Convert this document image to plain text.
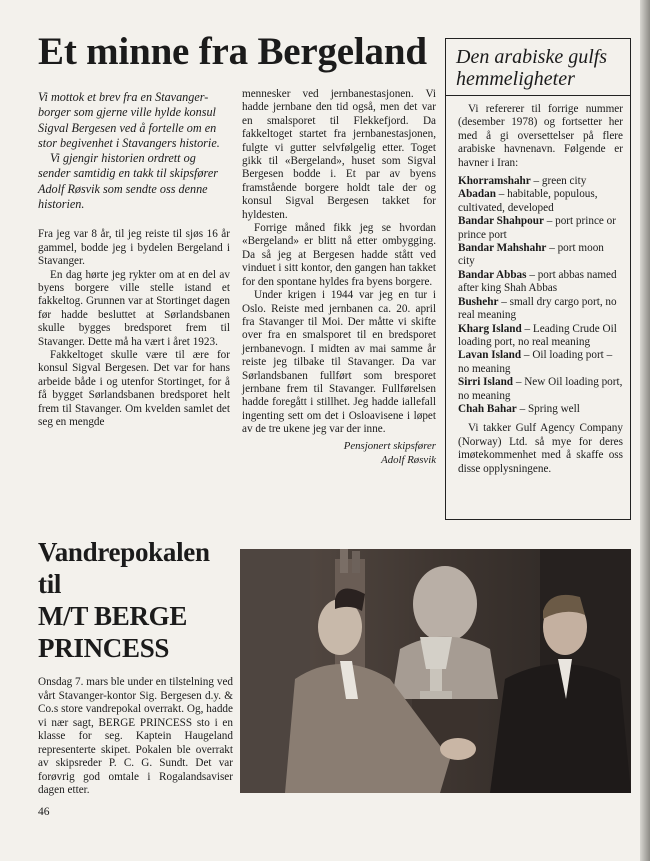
Et minne fra Bergeland
Vi mottok et brev fra en Stavanger-borger som gjerne ville hylde konsul Sigval Bergesen ved å fortelle om en stor begivenhet i Stavangers historie.
Vi gjengir historien ordrett og sender samtidig en takk til skipsfører Adolf Røsvik som sendte oss denne historien.

Fra jeg var 8 år, til jeg reiste til sjøs 16 år gammel, bodde jeg i bydelen Bergeland i Stavanger.

En dag hørte jeg rykter om at en del av byens borgere ville stelle istand et fakkeltog. Grunnen var at Stortinget dagen før hadde besluttet at Sørlandsbanen skulle bygges bredsporet frem til Stavanger. Dette må ha vært i året 1923.

Fakkeltoget skulle være til ære for konsul Sigval Bergesen. Det var for hans arbeide både i og utenfor Stortinget, for å få bygget Sørlandsbanen bredsporet helt frem til Stavanger. Om kvelden samlet det seg en mengde

mennesker ved jernbanestasjonen. Vi hadde jernbane den tid også, men det var en smalsporet til Flekkefjord. Da fakkeltoget startet fra jernbanestasjonen, fulgte vi gutter selvfølgelig etter. Toget gikk til «Bergeland», huset som Sigval Bergesen bodde i. Et par av byens framstående borgere holdt tale der og konsul Sigval Bergesen takket for hyldesten.

Forrige måned fikk jeg se hvordan «Bergeland» er blitt nå etter ombygging. Da så jeg at Bergesen hadde stått ved vinduet i sitt kontor, den gangen han takket for den spontane hyldes fra byens borgere.

Under krigen i 1944 var jeg en tur i Oslo. Reiste med jernbanen ca. 20. april fra Stavanger til Moi. Der måtte vi skifte over fra en smalsporet til en bredsporet jernbanevogn. I midten av mai samme år reiste jeg tilbake til Stavanger. Da var Sørlandsbanen fullført som bresporet jernbane frem til Stavanger. Fullførelsen hadde foregått i stillhet. Jeg hadde iallefall ingenting sett om det i Osloavisene i løpet av de tre ukene jeg var der inne.

Pensjonert skipsfører
Adolf Røsvik
Den arabiske gulfs hemmeligheter

Vi refererer til forrige nummer (desember 1978) og fortsetter her med å gi oversettelser på flere arabiske havnenavn. Følgende er havner i Iran:

Khorramshahr – green city

Abadan – habitable, populous, cultivated, developed

Bandar Shahpour – port prince or prince port

Bandar Mahshahr – port moon city

Bandar Abbas – port abbas named after king Shah Abbas

Bushehr – small dry cargo port, no real meaning

Kharg Island – Leading Crude Oil loading port, no real meaning

Lavan Island – Oil loading port – no meaning

Sirri Island – New Oil loading port, no meaning

Chah Bahar – Spring well

Vi takker Gulf Agency Company (Norway) Ltd. så mye for deres imøtekommenhet med å skaffe oss disse opplysningene.

Vandrepokalen
til
M/T BERGE
PRINCESS

Onsdag 7. mars ble under en tilstelning ved vårt Stavanger-kontor Sig. Bergesen d.y. & Co.s store vandrepokal overrakt. Og, hadde vi nær sagt, BERGE PRINCESS sto i en klasse for seg. Kaptein Haugeland representerte skipet. Pokalen ble overrakt av skipsreder P. C. G. Sundt. Det var forøvrig god omtale i Rogalandsaviser dagen etter.

46
